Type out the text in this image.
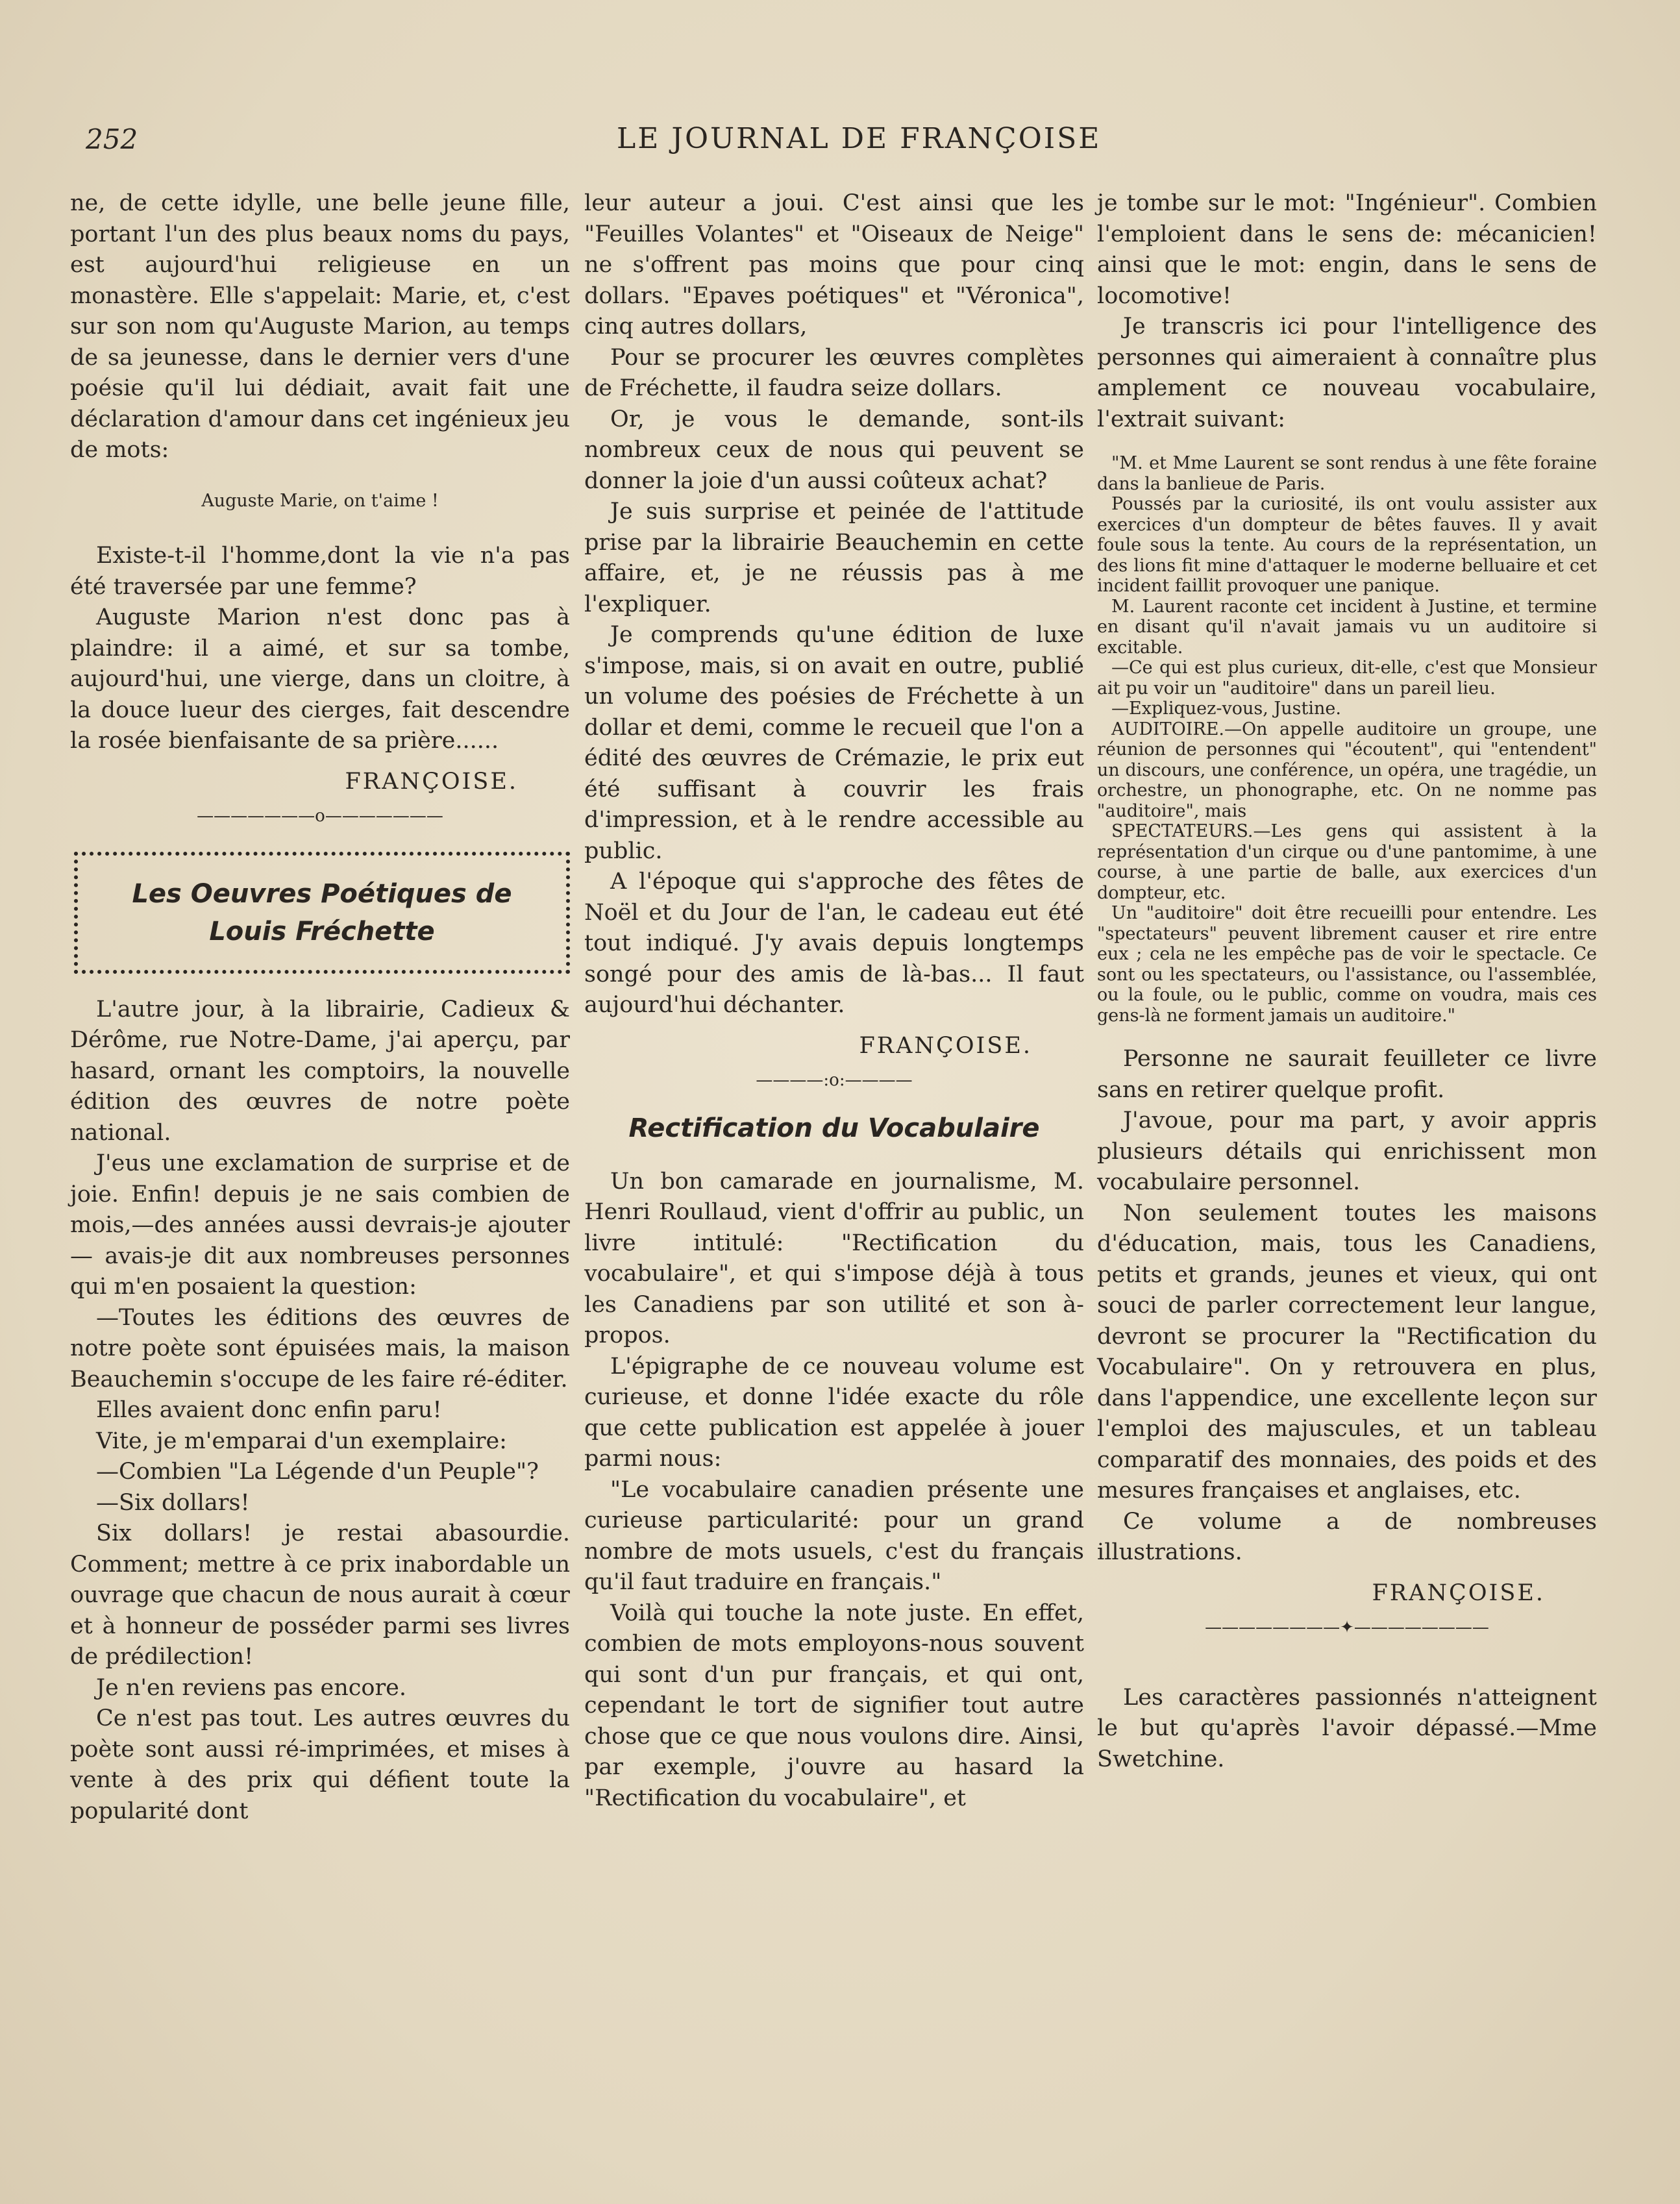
252	LE JOURNAL DE FRANÇOISE

ne, de cette idylle, une belle jeune fille, portant l'un des plus beaux noms du pays, est aujourd'hui religieuse en un monastère. Elle s'appelait: Marie, et, c'est sur son nom qu'Auguste Marion, au temps de sa jeunesse, dans le dernier vers d'une poésie qu'il lui dédiait, avait fait une déclaration d'amour dans cet ingénieux jeu de mots:

Auguste Marie, on t'aime !

Existe-t-il l'homme,dont la vie n'a pas été traversée par une femme?

Auguste Marion n'est donc pas à plaindre: il a aimé, et sur sa tombe, aujourd'hui, une vierge, dans un cloitre, à la douce lueur des cierges, fait descendre la rosée bienfaisante de sa prière......

FRANÇOISE.
———————o———————
Les Oeuvres Poétiques de
Louis Fréchette

L'autre jour, à la librairie, Cadieux & Dérôme, rue Notre-Dame, j'ai aperçu, par hasard, ornant les comptoirs, la nouvelle édition des œuvres de notre poète national.

J'eus une exclamation de surprise et de joie. Enfin! depuis je ne sais combien de mois,—des années aussi devrais-je ajouter— avais-je dit aux nombreuses personnes qui m'en posaient la question:

—Toutes les éditions des œuvres de notre poète sont épuisées mais, la maison Beauchemin s'occupe de les faire ré-éditer.

Elles avaient donc enfin paru!

Vite, je m'emparai d'un exemplaire:

—Combien "La Légende d'un Peuple"?

—Six dollars!

Six dollars! je restai abasourdie. Comment; mettre à ce prix inabordable un ouvrage que chacun de nous aurait à cœur et à honneur de posséder parmi ses livres de prédilection!

Je n'en reviens pas encore.

Ce n'est pas tout. Les autres œuvres du poète sont aussi ré-imprimées, et mises à vente à des prix qui défient toute la popularité dont

leur auteur a joui. C'est ainsi que les "Feuilles Volantes" et "Oiseaux de Neige" ne s'offrent pas moins que pour cinq dollars. "Epaves poétiques" et "Véronica", cinq autres dollars,

Pour se procurer les œuvres complètes de Fréchette, il faudra seize dollars.

Or, je vous le demande, sont-ils nombreux ceux de nous qui peuvent se donner la joie d'un aussi coûteux achat?

Je suis surprise et peinée de l'attitude prise par la librairie Beauchemin en cette affaire, et, je ne réussis pas à me l'expliquer.

Je comprends qu'une édition de luxe s'impose, mais, si on avait en outre, publié un volume des poésies de Fréchette à un dollar et demi, comme le recueil que l'on a édité des œuvres de Crémazie, le prix eut été suffisant à couvrir les frais d'impression, et à le rendre accessible au public.

A l'époque qui s'approche des fêtes de Noël et du Jour de l'an, le cadeau eut été tout indiqué. J'y avais depuis longtemps songé pour des amis de là-bas... Il faut aujourd'hui déchanter.

FRANÇOISE.
————:o:————
Rectification du Vocabulaire

Un bon camarade en journalisme, M. Henri Roullaud, vient d'offrir au public, un livre intitulé: "Rectification du vocabulaire", et qui s'impose déjà à tous les Canadiens par son utilité et son à-propos.

L'épigraphe de ce nouveau volume est curieuse, et donne l'idée exacte du rôle que cette publication est appelée à jouer parmi nous:

"Le vocabulaire canadien présente une curieuse particularité: pour un grand nombre de mots usuels, c'est du français qu'il faut traduire en français."

Voilà qui touche la note juste. En effet, combien de mots employons-nous souvent qui sont d'un pur français, et qui ont, cependant le tort de signifier tout autre chose que ce que nous voulons dire. Ainsi, par exemple, j'ouvre au hasard la "Rectification du vocabulaire", et

je tombe sur le mot: "Ingénieur". Combien l'emploient dans le sens de: mécanicien! ainsi que le mot: engin, dans le sens de locomotive!

Je transcris ici pour l'intelligence des personnes qui aimeraient à connaître plus amplement ce nouveau vocabulaire, l'extrait suivant:

"M. et Mme Laurent se sont rendus à une fête foraine dans la banlieue de Paris.

Poussés par la curiosité, ils ont voulu assister aux exercices d'un dompteur de bêtes fauves. Il y avait foule sous la tente. Au cours de la représentation, un des lions fit mine d'attaquer le moderne belluaire et cet incident faillit provoquer une panique.

M. Laurent raconte cet incident à Justine, et termine en disant qu'il n'avait jamais vu un auditoire si excitable.

—Ce qui est plus curieux, dit-elle, c'est que Monsieur ait pu voir un "auditoire" dans un pareil lieu.

—Expliquez-vous, Justine.

AUDITOIRE.—On appelle auditoire un groupe, une réunion de personnes qui "écoutent", qui "entendent" un discours, une conférence, un opéra, une tragédie, un orchestre, un phonographe, etc. On ne nomme pas "auditoire", mais

SPECTATEURS.—Les gens qui assistent à la représentation d'un cirque ou d'une pantomime, à une course, à une partie de balle, aux exercices d'un dompteur, etc.

Un "auditoire" doit être recueilli pour entendre. Les "spectateurs" peuvent librement causer et rire entre eux ; cela ne les empêche pas de voir le spectacle. Ce sont ou les spectateurs, ou l'assistance, ou l'assemblée, ou la foule, ou le public, comme on voudra, mais ces gens-là ne forment jamais un auditoire."

Personne ne saurait feuilleter ce livre sans en retirer quelque profit.

J'avoue, pour ma part, y avoir appris plusieurs détails qui enrichissent mon vocabulaire personnel.

Non seulement toutes les maisons d'éducation, mais, tous les Canadiens, petits et grands, jeunes et vieux, qui ont souci de parler correctement leur langue, devront se procurer la "Rectification du Vocabulaire". On y retrouvera en plus, dans l'appendice, une excellente leçon sur l'emploi des majuscules, et un tableau comparatif des monnaies, des poids et des mesures françaises et anglaises, etc.

Ce volume a de nombreuses illustrations.

FRANÇOISE.
————————✦————————

Les caractères passionnés n'atteignent le but qu'après l'avoir dépassé.—Mme Swetchine.
